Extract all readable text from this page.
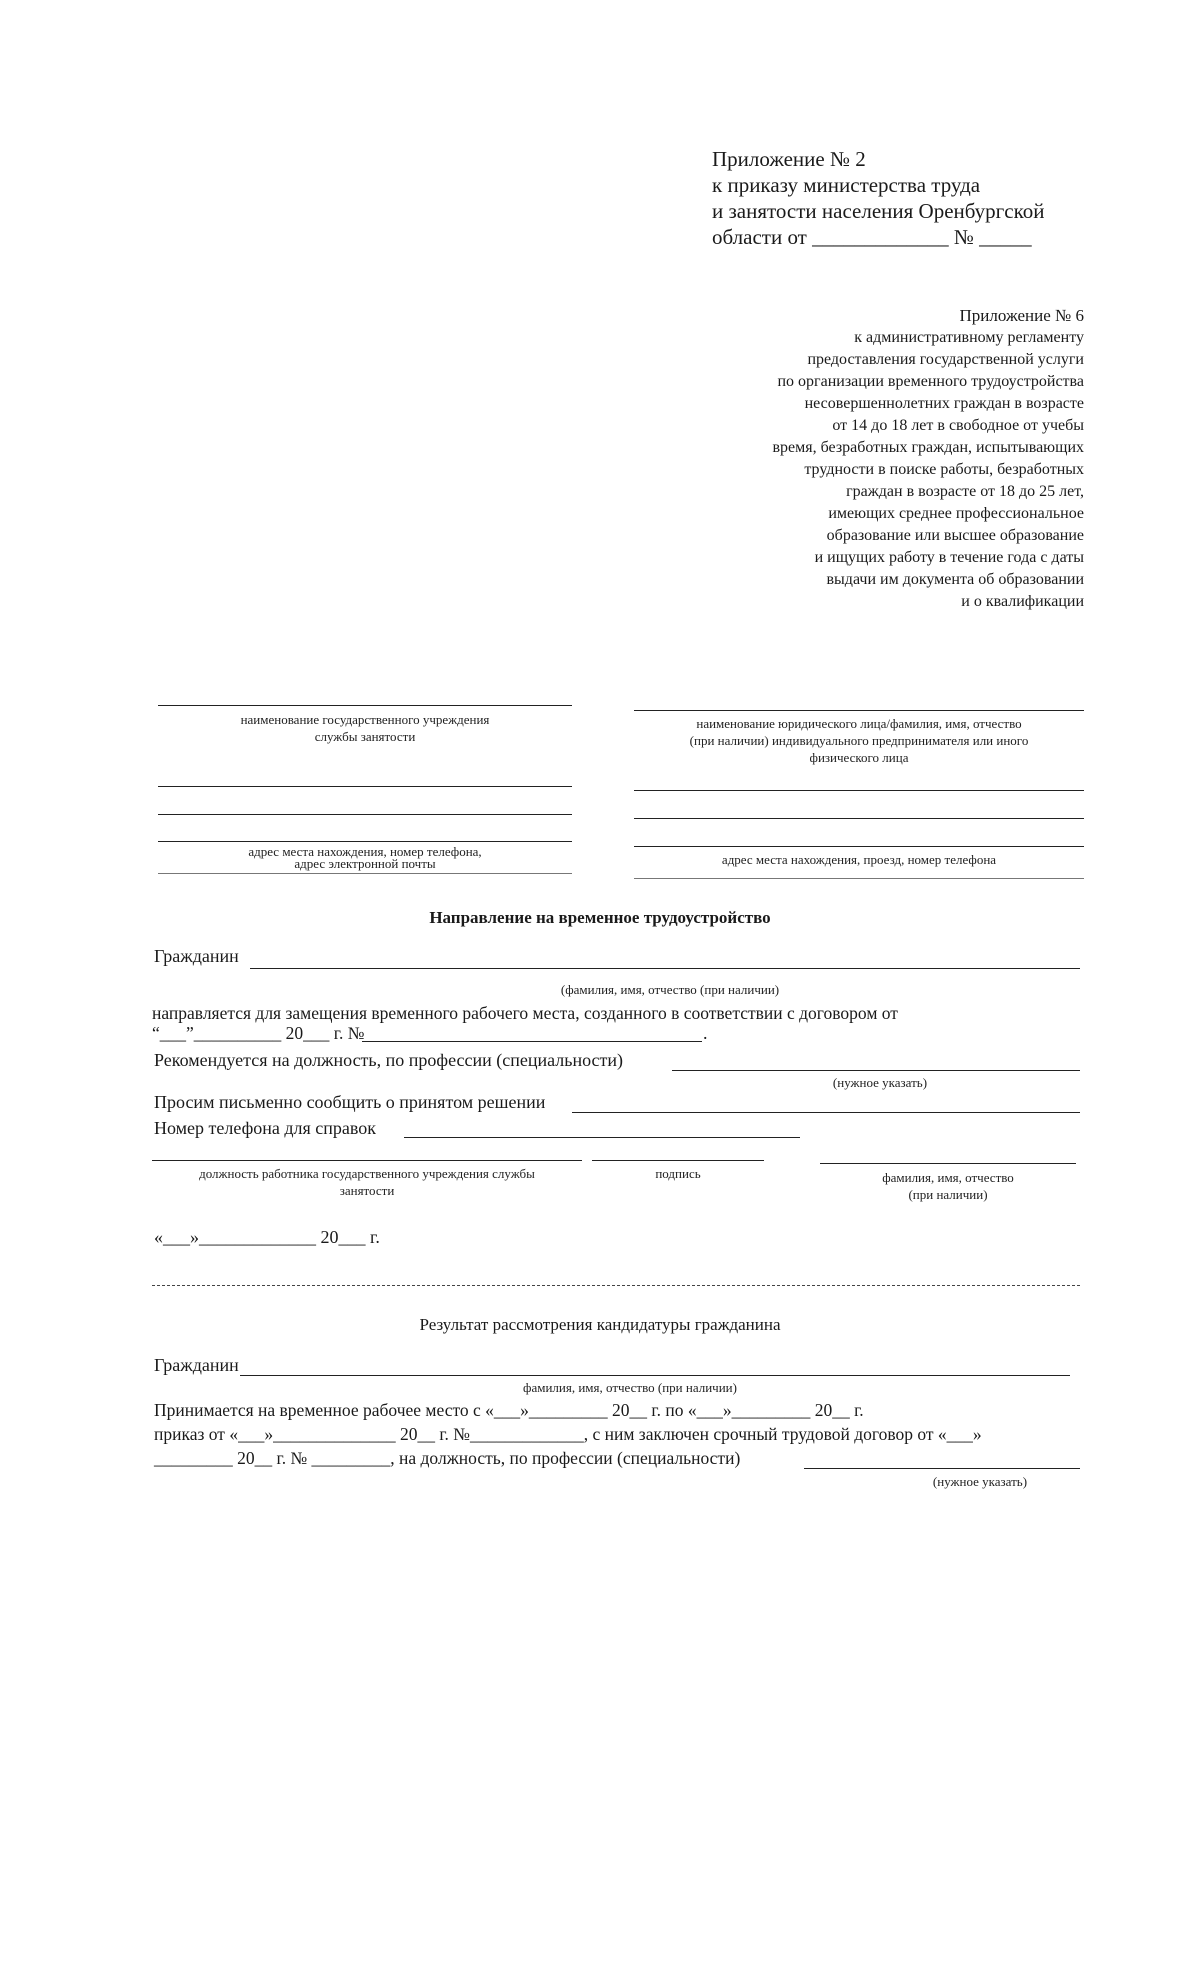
Приложение № 2
к приказу министерства труда
и занятости населения Оренбургской
области от _____________ № _____
Приложение № 6
к административному регламенту
предоставления государственной услуги
по организации временного трудоустройства
несовершеннолетних граждан в возрасте
от 14 до 18 лет в свободное от учебы
время, безработных граждан, испытывающих
трудности в поиске работы, безработных
граждан в возрасте от 18 до 25 лет,
имеющих среднее профессиональное
образование или высшее образование
и ищущих работу в течение года с даты
выдачи им документа об образовании
и о квалификации
наименование государственного учреждения
службы занятости
адрес места нахождения, номер телефона,
адрес электронной почты
наименование юридического лица/фамилия, имя, отчество
(при наличии) индивидуального предпринимателя или иного
физического лица
адрес места нахождения, проезд, номер телефона
Направление на временное трудоустройство
Гражданин
(фамилия, имя, отчество (при наличии)
направляется для замещения временного рабочего места, созданного в соответствии с договором от
“___”__________ 20___ г. №	.
Рекомендуется на должность, по профессии (специальности)
(нужное указать)
Просим письменно сообщить о принятом решении
Номер телефона для справок
должность работника государственного учреждения службы
занятости
подпись	фамилия, имя, отчество
(при наличии)
«___»_____________ 20___ г.
Результат рассмотрения кандидатуры гражданина
Гражданин
фамилия, имя, отчество (при наличии)
Принимается на временное рабочее место с «___»_________ 20__ г. по «___»_________ 20__ г.
приказ от «___»______________ 20__ г. №_____________, с ним заключен срочный трудовой договор от «___»
_________ 20__ г. № _________, на должность, по профессии (специальности)
(нужное указать)
